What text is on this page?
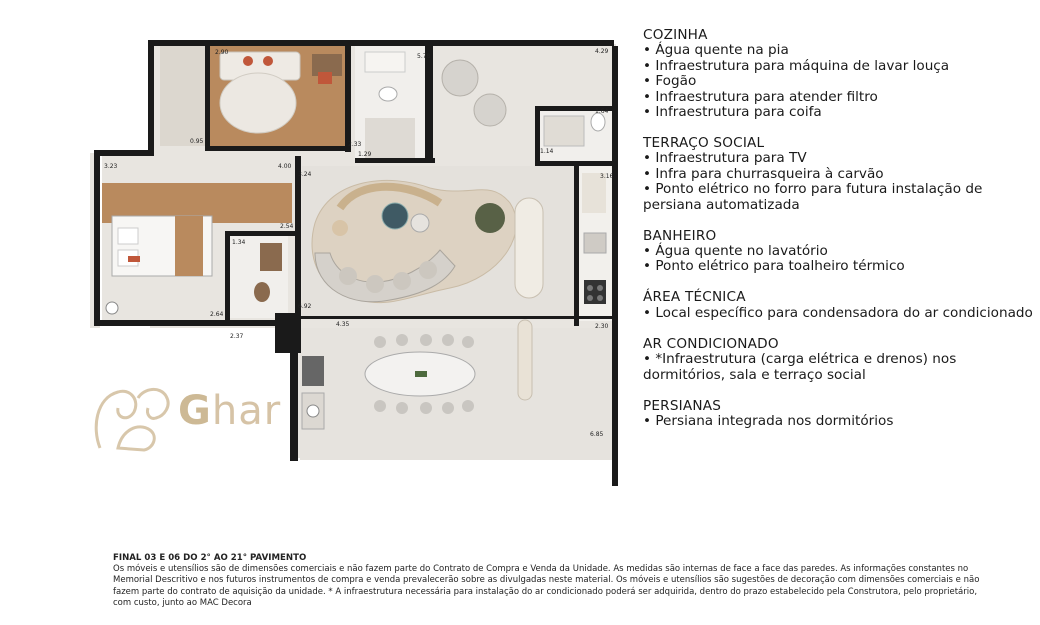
2.90
2.33
0.95
5.78
4.29
1.29
1.64
1.14
3.16
4.00
3.24
3.23
1.34
2.54
6.92
2.64
2.37
4.35	2.30
6.85
Ghar
COZINHA
• Água quente na pia
• Infraestrutura para máquina de lavar louça
• Fogão
• Infraestrutura para atender filtro
• Infraestrutura para coifa
TERRAÇO SOCIAL
• Infraestrutura para TV
• Infra para churrasqueira à carvão
• Ponto elétrico no forro para futura instalação de persiana automatizada
BANHEIRO
• Água quente no lavatório
• Ponto elétrico para toalheiro térmico
ÁREA TÉCNICA
• Local específico para condensadora do ar condicionado
AR CONDICIONADO
• *Infraestrutura (carga elétrica e drenos) nos dormitórios, sala e terraço social
PERSIANAS
• Persiana integrada nos dormitórios
FINAL 03 E 06 DO 2° AO 21° PAVIMENTO
Os móveis e utensílios são de dimensões comerciais e não fazem parte do Contrato de Compra e Venda da Unidade. As medidas são internas de face a face das paredes. As informações constantes no Memorial Descritivo e nos futuros instrumentos de compra e venda prevalecerão sobre as divulgadas neste material. Os móveis e utensílios são sugestões de decoração com dimensões comerciais e não fazem parte do contrato de aquisição da unidade. * A infraestrutura necessária para instalação do ar condicionado poderá ser adquirida, dentro do prazo estabelecido pela Construtora, pelo proprietário, com custo, junto ao MAC Decora
